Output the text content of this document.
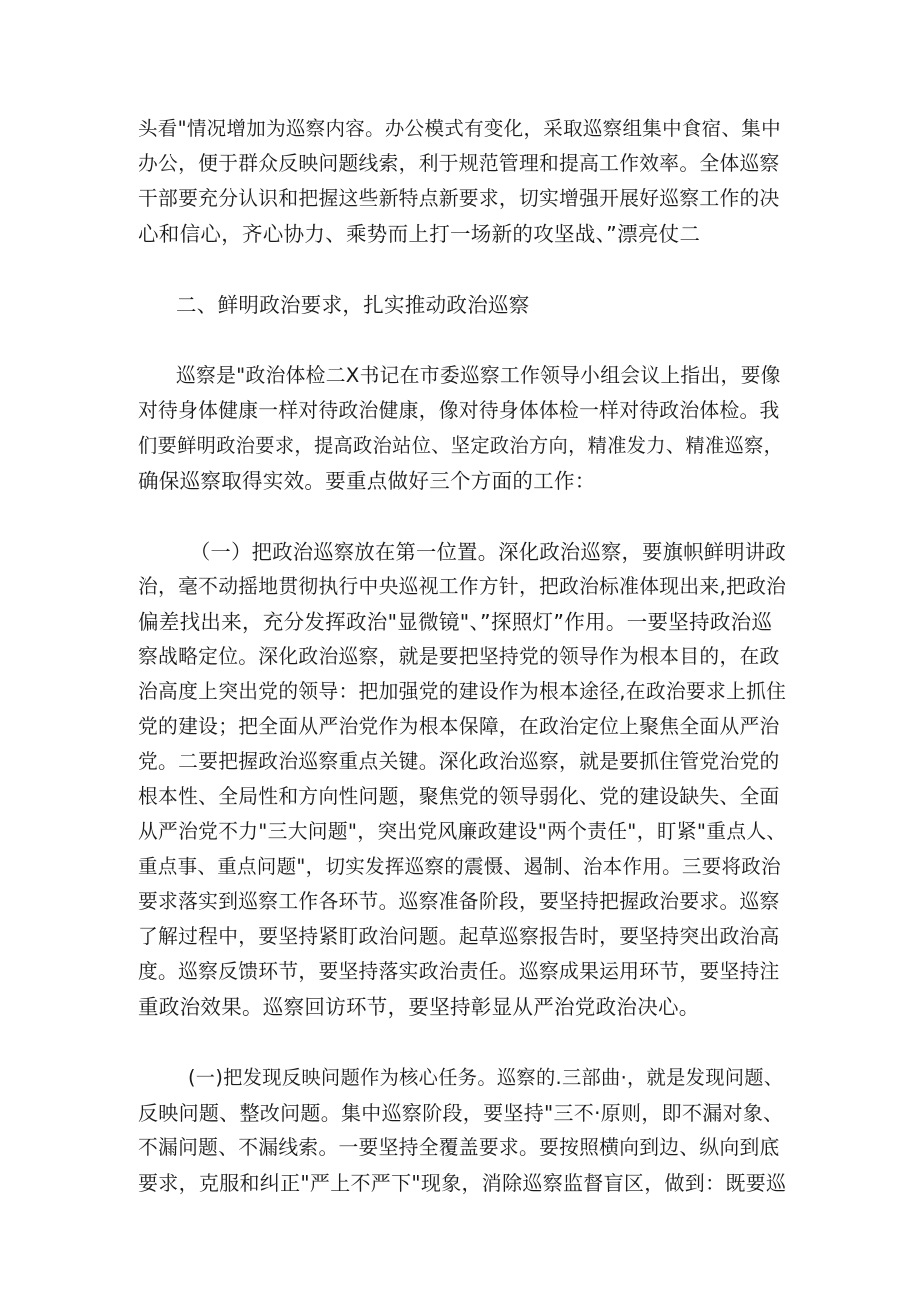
头看"情况增加为巡察内容。办公模式有变化，采取巡察组集中食宿、集中
办公，便于群众反映问题线索，利于规范管理和提高工作效率。全体巡察
干部要充分认识和把握这些新特点新要求，切实增强开展好巡察工作的决
心和信心，齐心协力、乘势而上打一场新的攻坚战、”漂亮仗二
二、鲜明政治要求，扎实推动政治巡察
巡察是"政治体检二X书记在市委巡察工作领导小组会议上指出，要像
对待身体健康一样对待政治健康，像对待身体体检一样对待政治体检。我
们要鲜明政治要求，提高政治站位、坚定政治方向，精准发力、精准巡察，
确保巡察取得实效。要重点做好三个方面的工作：
（一）把政治巡察放在第一位置。深化政治巡察，要旗帜鲜明讲政
治，毫不动摇地贯彻执行中央巡视工作方针，把政治标准体现出来,把政治
偏差找出来，充分发挥政治"显微镜"、”探照灯”作用。一要坚持政治巡
察战略定位。深化政治巡察，就是要把坚持党的领导作为根本目的，在政
治高度上突出党的领导：把加强党的建设作为根本途径,在政治要求上抓住
党的建设；把全面从严治党作为根本保障，在政治定位上聚焦全面从严治
党。二要把握政治巡察重点关键。深化政治巡察，就是要抓住管党治党的
根本性、全局性和方向性问题，聚焦党的领导弱化、党的建设缺失、全面
从严治党不力"三大问题"，突出党风廉政建设"两个责任"，盯紧"重点人、
重点事、重点问题"，切实发挥巡察的震慑、遏制、治本作用。三要将政治
要求落实到巡察工作各环节。巡察准备阶段，要坚持把握政治要求。巡察
了解过程中，要坚持紧盯政治问题。起草巡察报告时，要坚持突出政治高
度。巡察反馈环节，要坚持落实政治责任。巡察成果运用环节，要坚持注
重政治效果。巡察回访环节，要坚持彰显从严治党政治决心。
(一)把发现反映问题作为核心任务。巡察的.三部曲·，就是发现问题、
反映问题、整改问题。集中巡察阶段，要坚持"三不·原则，即不漏对象、
不漏问题、不漏线索。一要坚持全覆盖要求。要按照横向到边、纵向到底
要求，克服和纠正"严上不严下"现象，消除巡察监督盲区，做到：既要巡
